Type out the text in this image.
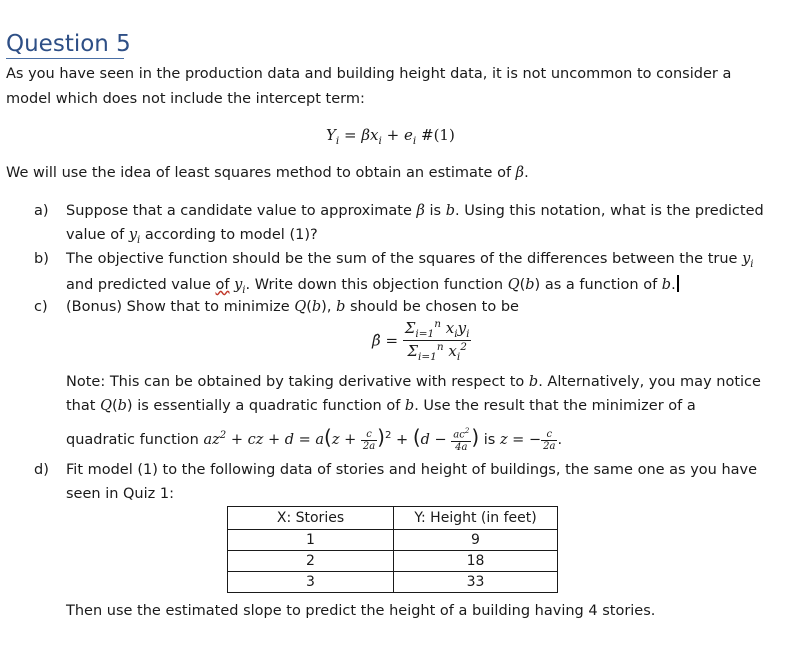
Question 5
As you have seen in the production data and building height data, it is not uncommon to consider a
model which does not include the intercept term:
$Y_i = \beta x_i + e_i$ #(1)
We will use the idea of least squares method to obtain an estimate of β.
a) Suppose that a candidate value to approximate β is b. Using this notation, what is the predicted
value of $y_i$ according to model (1)?
b) The objective function should be the sum of the squares of the differences between the true $y_i$
and predicted value of $y_i$. Write down this objection function Q(b) as a function of b.
c) (Bonus) Show that to minimize Q(b), b should be chosen to be
β̂ = $\frac{\Sigma_{i=1}^n x_iy_i}{\Sigma_{i=1}^n x_i^2}$
Note: This can be obtained by taking derivative with respect to b. Alternatively, you may notice
that Q(b) is essentially a quadratic function of b. Use the result that the minimizer of a
quadratic function $az^2$ + cz + $d = a(z + \frac{c}{2a} )^2 + (d - \frac{ac^2}{4a}$ ) is z = − $\frac{c}{2a}$ .
d) Fit model (1) to the following data of stories and height of buildings, the same one as you have
seen in Quiz 1:
X: Stories	Y: Height (in feet)
1	9
2	18
3	33
Then use the estimated slope to predict the height of a building having 4 stories.
